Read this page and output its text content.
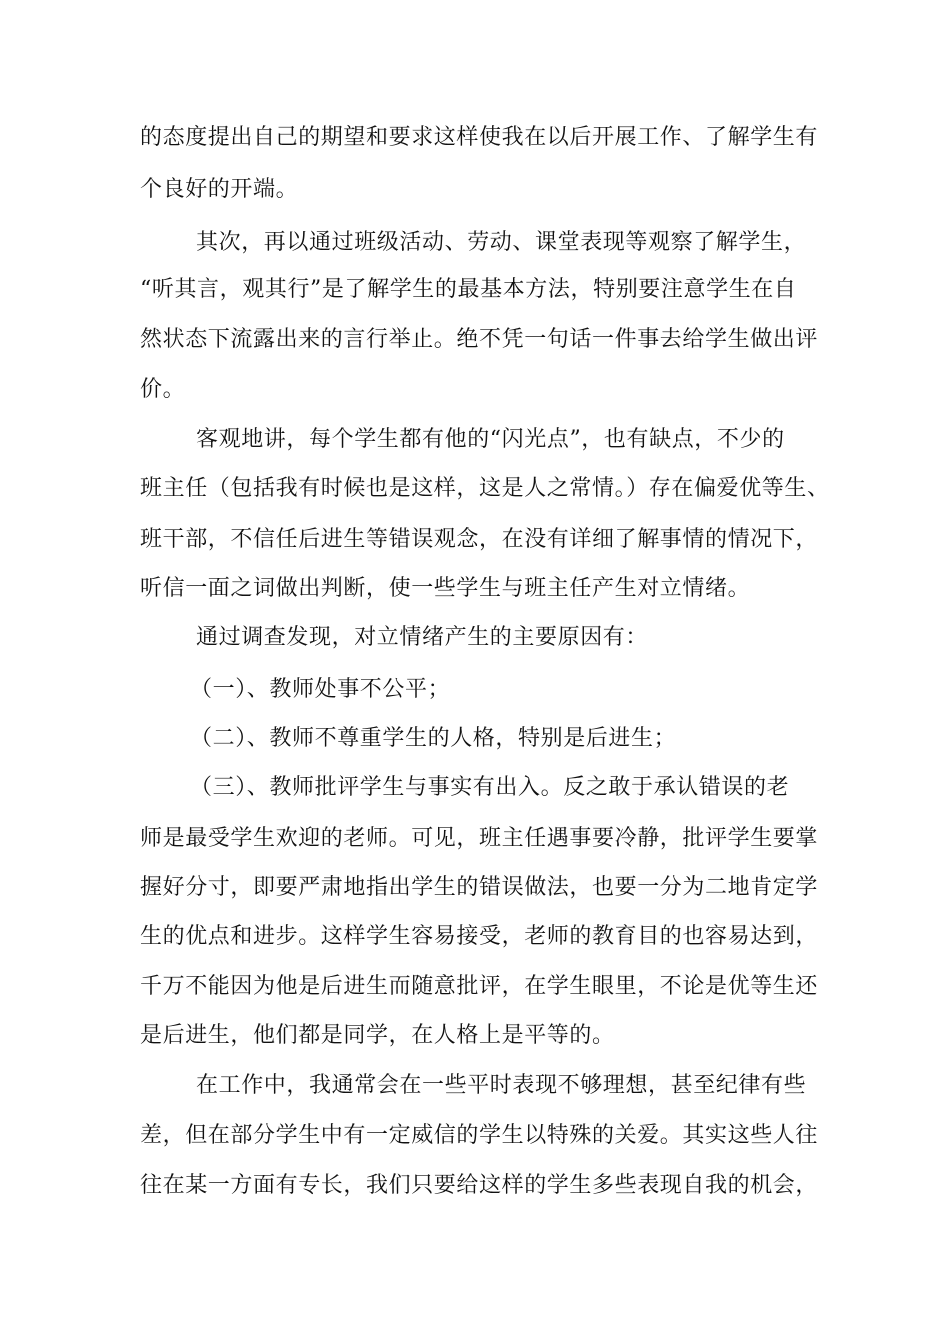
的态度提出自己的期望和要求这样使我在以后开展工作、了解学生有
个良好的开端。
其次，再以通过班级活动、劳动、课堂表现等观察了解学生，
“听其言，观其行”是了解学生的最基本方法，特别要注意学生在自
然状态下流露出来的言行举止。绝不凭一句话一件事去给学生做出评
价。
客观地讲，每个学生都有他的“闪光点”，也有缺点，不少的
班主任（包括我有时候也是这样，这是人之常情。）存在偏爱优等生、
班干部，不信任后进生等错误观念，在没有详细了解事情的情况下，
听信一面之词做出判断，使一些学生与班主任产生对立情绪。
通过调查发现，对立情绪产生的主要原因有：
（一）、教师处事不公平；
（二）、教师不尊重学生的人格，特别是后进生；
（三）、教师批评学生与事实有出入。反之敢于承认错误的老
师是最受学生欢迎的老师。可见，班主任遇事要冷静，批评学生要掌
握好分寸，即要严肃地指出学生的错误做法，也要一分为二地肯定学
生的优点和进步。这样学生容易接受，老师的教育目的也容易达到，
千万不能因为他是后进生而随意批评，在学生眼里，不论是优等生还
是后进生，他们都是同学，在人格上是平等的。
在工作中，我通常会在一些平时表现不够理想，甚至纪律有些
差，但在部分学生中有一定威信的学生以特殊的关爱。其实这些人往
往在某一方面有专长，我们只要给这样的学生多些表现自我的机会，
